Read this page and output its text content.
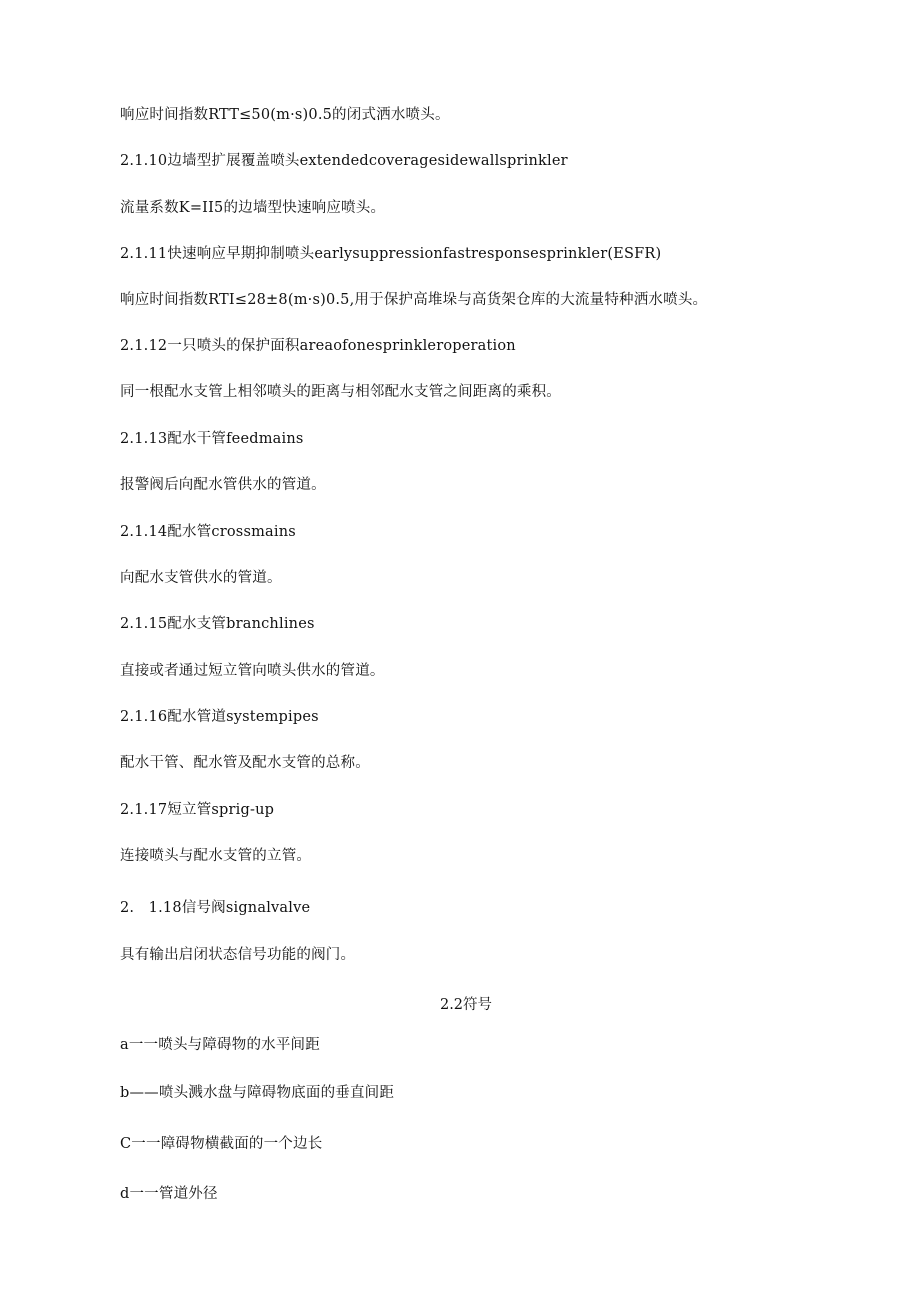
响应时间指数RTT≤50(m·s)0.5的闭式洒水喷头。
2.1.10边墙型扩展覆盖喷头extendedcoveragesidewallsprinkler
流量系数K=II5的边墙型快速响应喷头。
2.1.11快速响应早期抑制喷头earlysuppressionfastresponsesprinkler(ESFR)
响应时间指数RTI≤28±8(m·s)0.5,用于保护高堆垛与高货架仓库的大流量特种洒水喷头。
2.1.12一只喷头的保护面积areaofonesprinkleroperation
同一根配水支管上相邻喷头的距离与相邻配水支管之间距离的乘积。
2.1.13配水干管feedmains
报警阀后向配水管供水的管道。
2.1.14配水管crossmains
向配水支管供水的管道。
2.1.15配水支管branchlines
直接或者通过短立管向喷头供水的管道。
2.1.16配水管道systempipes
配水干管、配水管及配水支管的总称。
2.1.17短立管sprig-up
连接喷头与配水支管的立管。
2.   1.18信号阀signalvalve
具有输出启闭状态信号功能的阀门。
2.2符号
a一一喷头与障碍物的水平间距
b——喷头溅水盘与障碍物底面的垂直间距
C一一障碍物横截面的一个边长
d一一管道外径
